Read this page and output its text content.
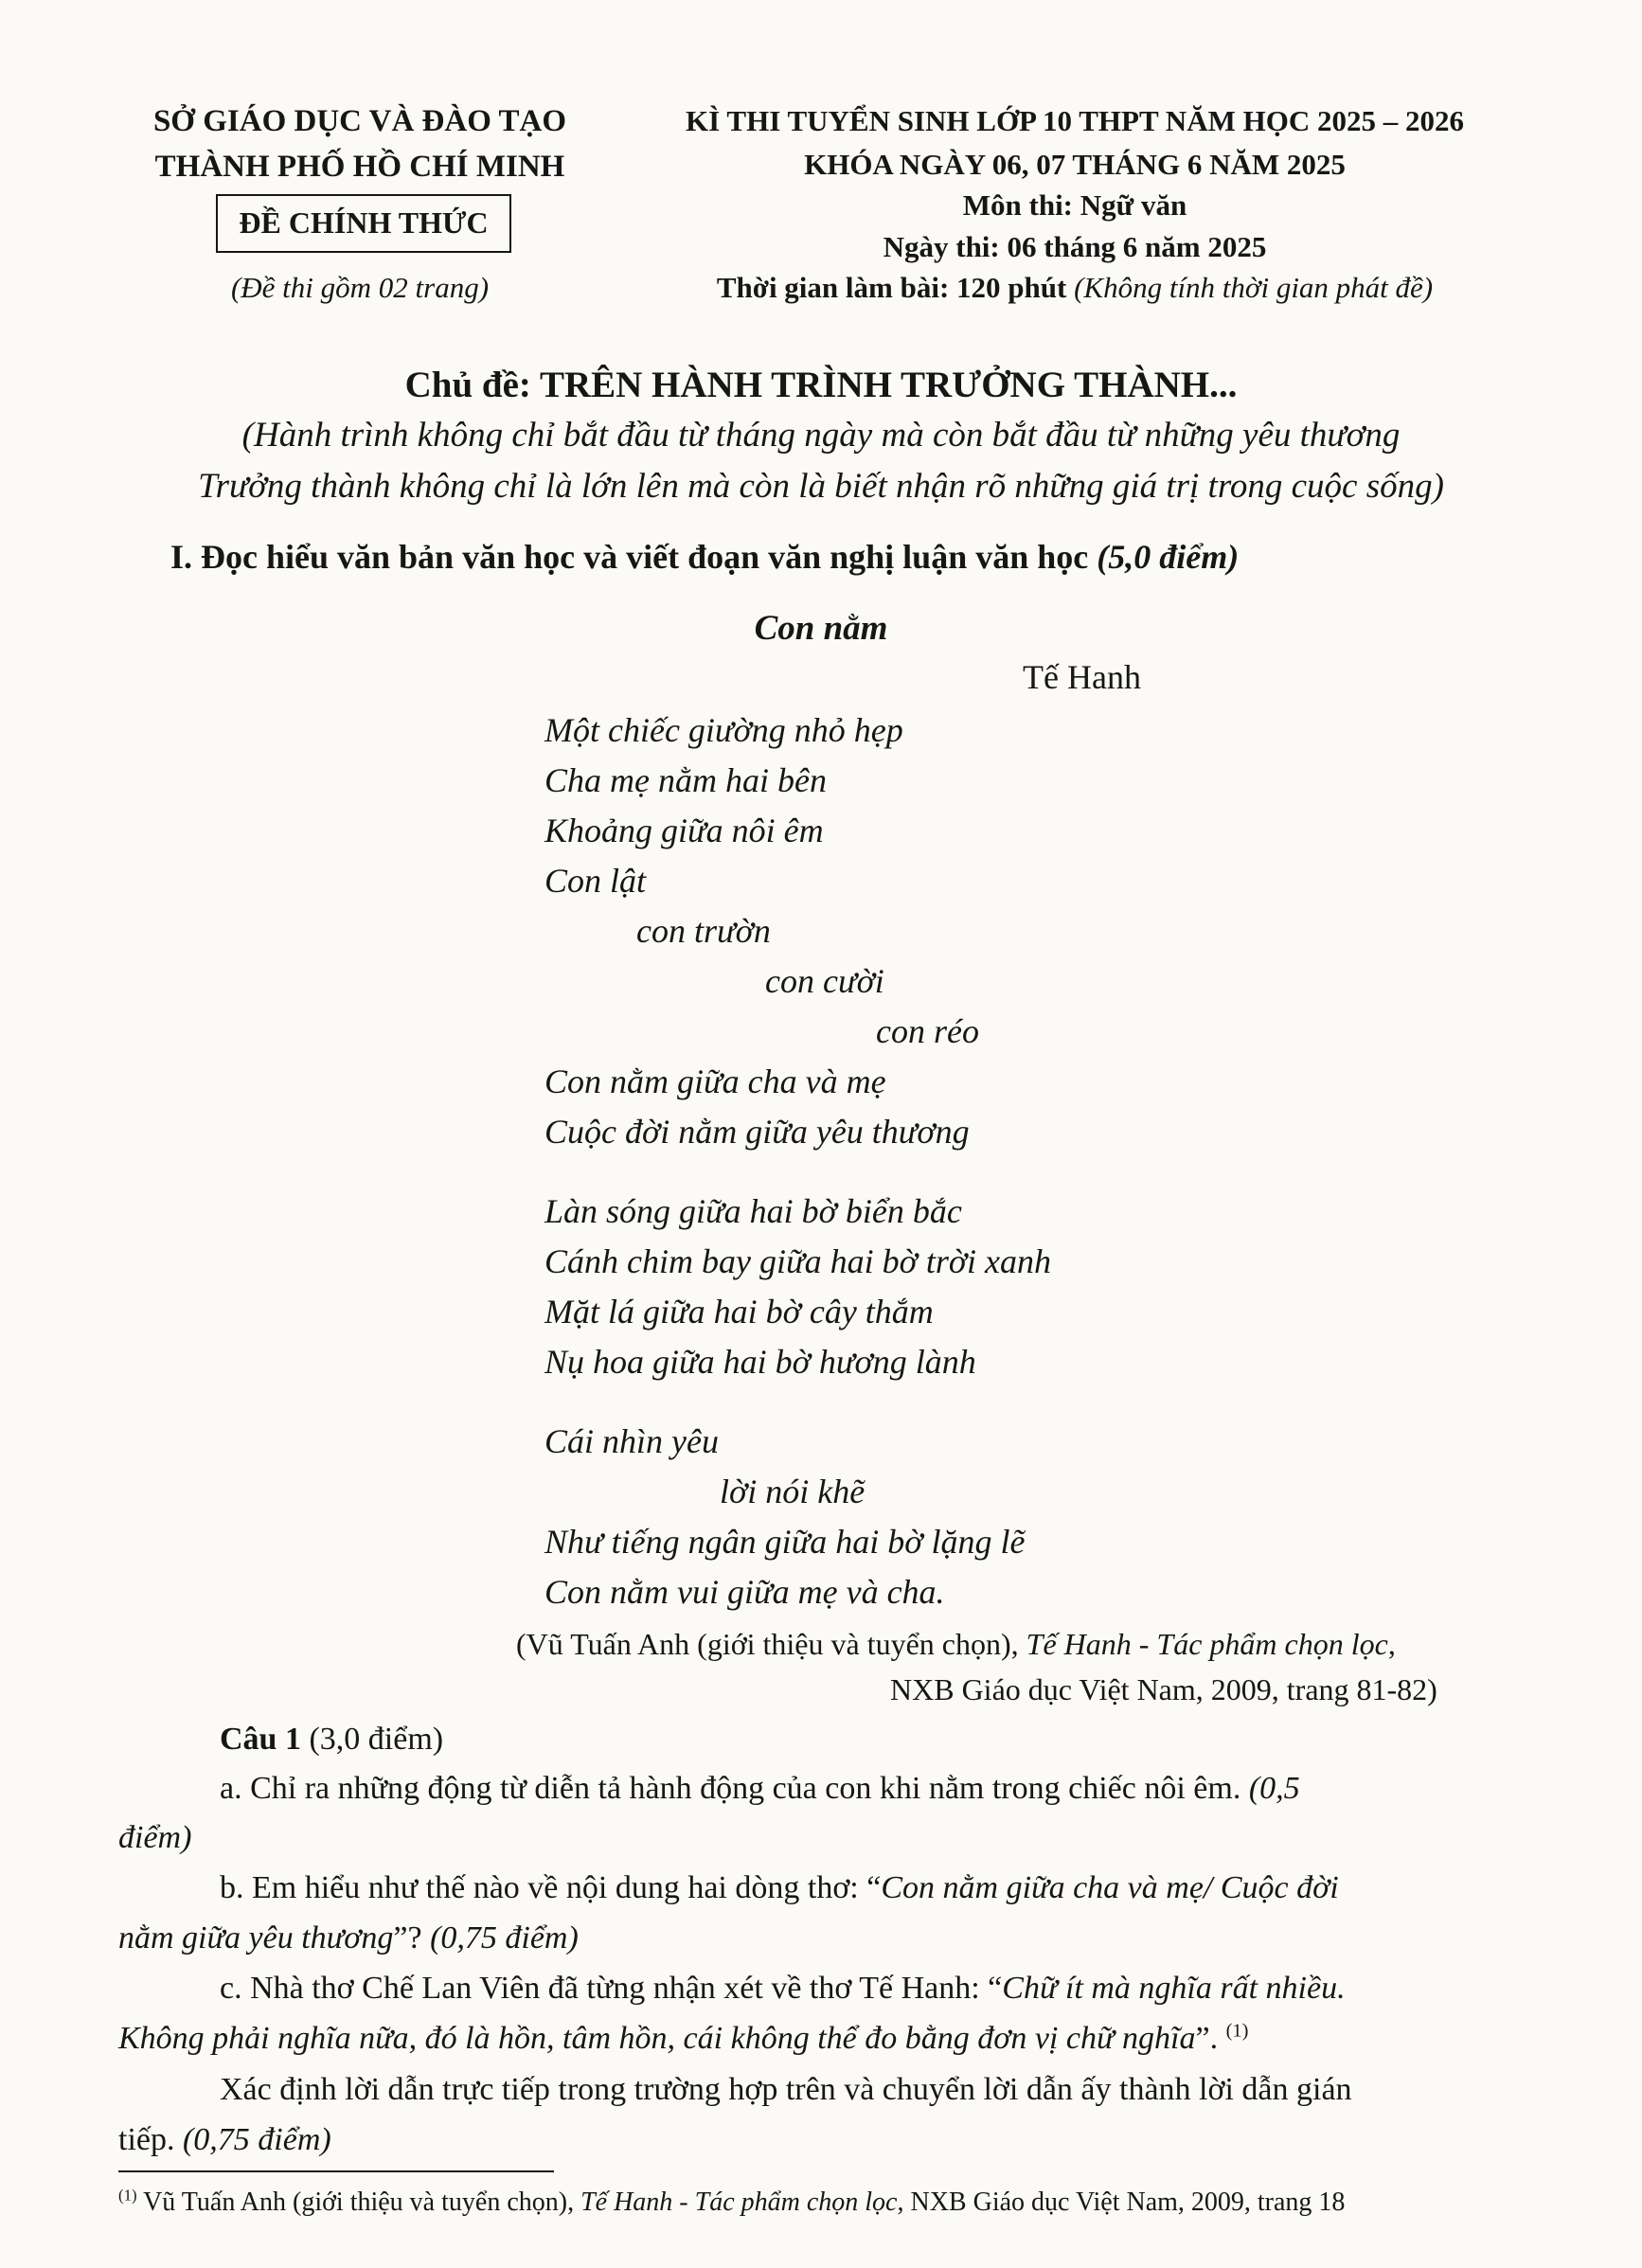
SỞ GIÁO DỤC VÀ ĐÀO TẠO
THÀNH PHỐ HỒ CHÍ MINH
ĐỀ CHÍNH THỨC
(Đề thi gồm 02 trang)
KÌ THI TUYỂN SINH LỚP 10 THPT NĂM HỌC 2025 – 2026
KHÓA NGÀY 06, 07 THÁNG 6 NĂM 2025
Môn thi: Ngữ văn
Ngày thi: 06 tháng 6 năm 2025
Thời gian làm bài: 120 phút (Không tính thời gian phát đề)
Chủ đề: TRÊN HÀNH TRÌNH TRƯỞNG THÀNH...
(Hành trình không chỉ bắt đầu từ tháng ngày mà còn bắt đầu từ những yêu thương
Trưởng thành không chỉ là lớn lên mà còn là biết nhận rõ những giá trị trong cuộc sống)
I. Đọc hiểu văn bản văn học và viết đoạn văn nghị luận văn học (5,0 điểm)
Con nằm
Tế Hanh
Một chiếc giường nhỏ hẹp
Cha mẹ nằm hai bên
Khoảng giữa nôi êm
Con lật
con trườn
con cười
con réo
Con nằm giữa cha và mẹ
Cuộc đời nằm giữa yêu thương
Làn sóng giữa hai bờ biển bắc
Cánh chim bay giữa hai bờ trời xanh
Mặt lá giữa hai bờ cây thắm
Nụ hoa giữa hai bờ hương lành
Cái nhìn yêu
lời nói khẽ
Như tiếng ngân giữa hai bờ lặng lẽ
Con nằm vui giữa mẹ và cha.
(Vũ Tuấn Anh (giới thiệu và tuyển chọn), Tế Hanh - Tác phẩm chọn lọc,
NXB Giáo dục Việt Nam, 2009, trang 81-82)
Câu 1 (3,0 điểm)
a. Chỉ ra những động từ diễn tả hành động của con khi nằm trong chiếc nôi êm. (0,5
điểm)
b. Em hiểu như thế nào về nội dung hai dòng thơ: “Con nằm giữa cha và mẹ/ Cuộc đời
nằm giữa yêu thương”? (0,75 điểm)
c. Nhà thơ Chế Lan Viên đã từng nhận xét về thơ Tế Hanh: “Chữ ít mà nghĩa rất nhiều.
Không phải nghĩa nữa, đó là hồn, tâm hồn, cái không thể đo bằng đơn vị chữ nghĩa”. $^{(1)}$
Xác định lời dẫn trực tiếp trong trường hợp trên và chuyển lời dẫn ấy thành lời dẫn gián
tiếp. (0,75 điểm)
$^{(1)}$ Vũ Tuấn Anh (giới thiệu và tuyển chọn), Tế Hanh - Tác phẩm chọn lọc, NXB Giáo dục Việt Nam, 2009, trang 18
